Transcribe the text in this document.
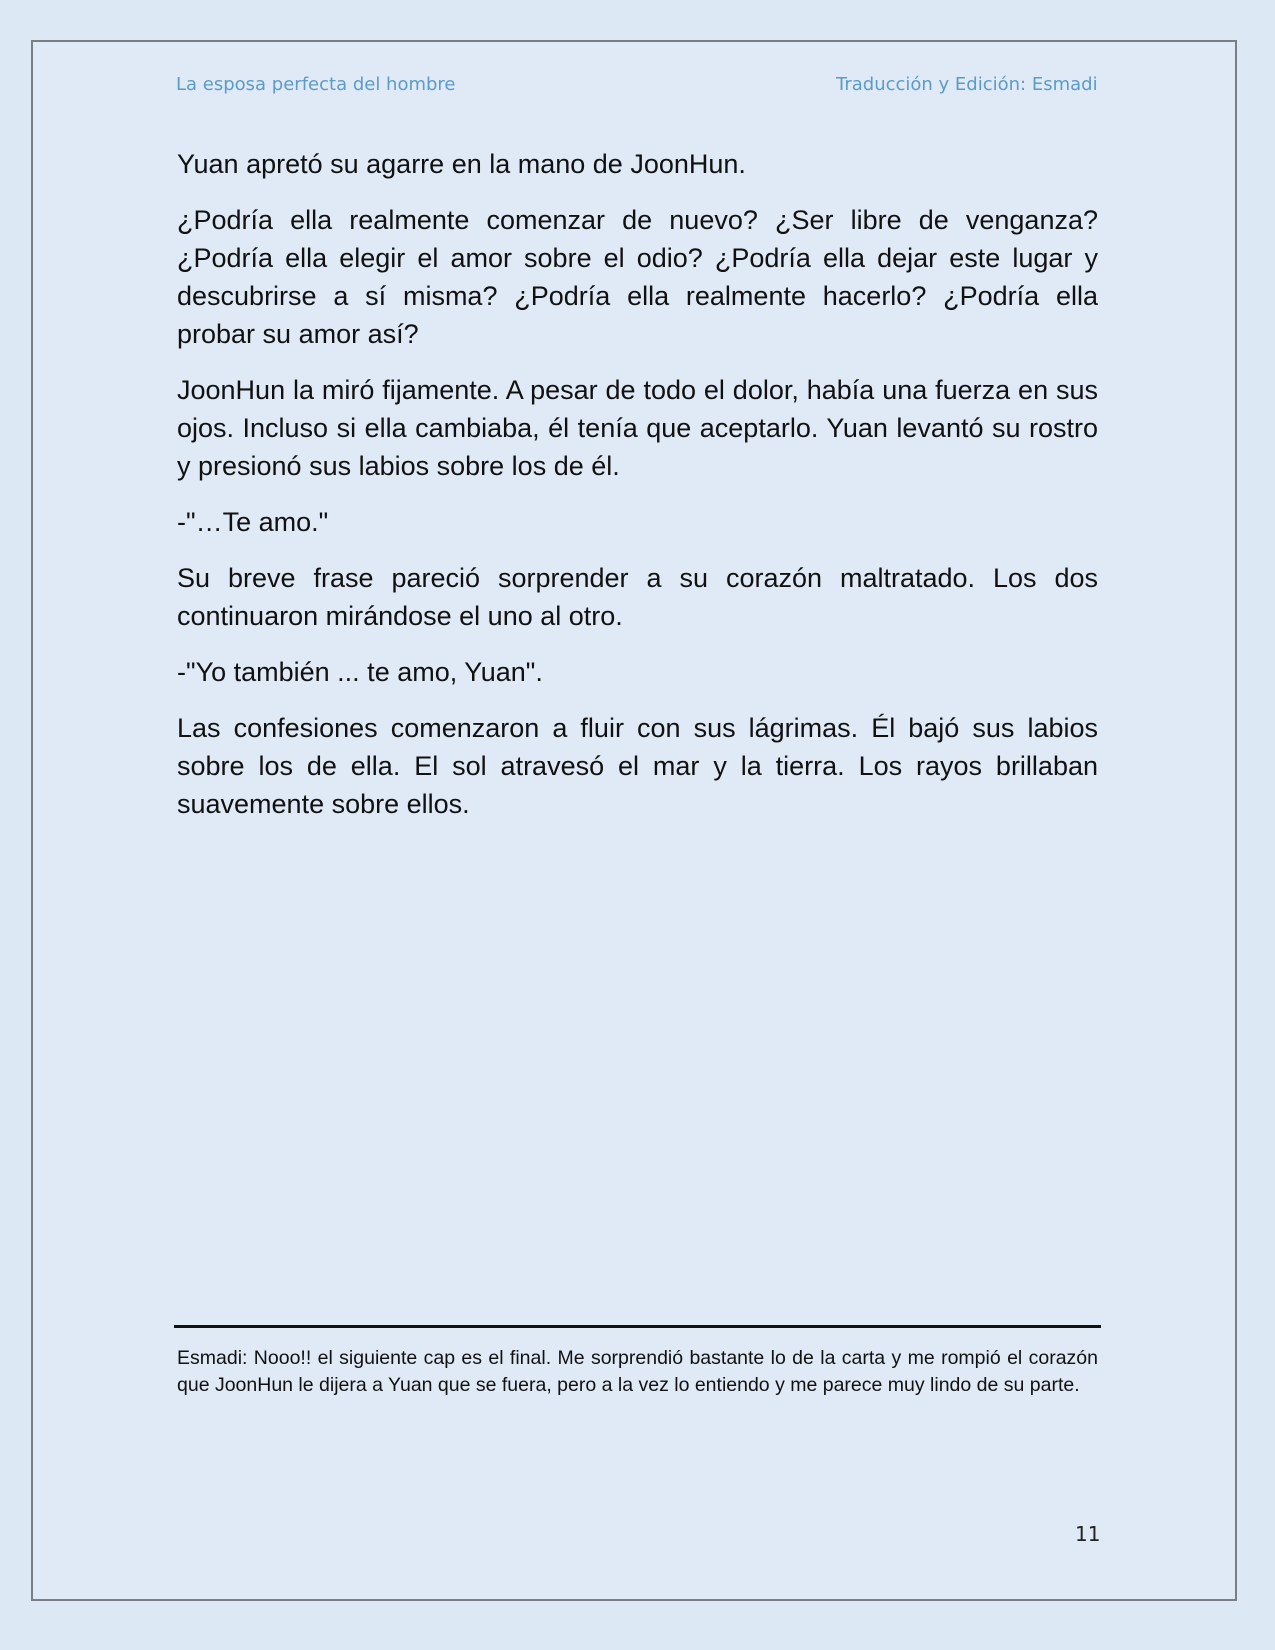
La esposa perfecta del hombre	Traducción y Edición: Esmadi

Yuan apretó su agarre en la mano de JoonHun.

¿Podría ella realmente comenzar de nuevo? ¿Ser libre de venganza? ¿Podría ella elegir el amor sobre el odio? ¿Podría ella dejar este lugar y descubrirse a sí misma? ¿Podría ella realmente hacerlo? ¿Podría ella probar su amor así?

JoonHun la miró fijamente. A pesar de todo el dolor, había una fuerza en sus ojos. Incluso si ella cambiaba, él tenía que aceptarlo. Yuan levantó su rostro y presionó sus labios sobre los de él.

-"…Te amo."

Su breve frase pareció sorprender a su corazón maltratado. Los dos continuaron mirándose el uno al otro.

-"Yo también ... te amo, Yuan".

Las confesiones comenzaron a fluir con sus lágrimas. Él bajó sus labios sobre los de ella. El sol atravesó el mar y la tierra. Los rayos brillaban suavemente sobre ellos.

Esmadi: Nooo!! el siguiente cap es el final. Me sorprendió bastante lo de la carta y me rompió el corazón que JoonHun le dijera a Yuan que se fuera, pero a la vez lo entiendo y me parece muy lindo de su parte.
11
